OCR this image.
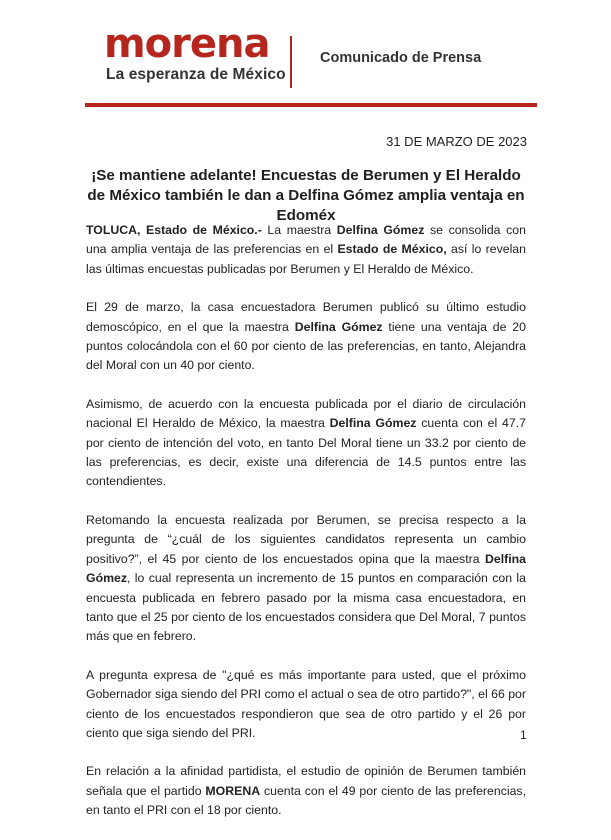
morena
La esperanza de México
Comunicado de Prensa
31 DE MARZO DE 2023
¡Se mantiene adelante! Encuestas de Berumen y El Heraldo de México también le dan a Delfina Gómez amplia ventaja en Edoméx

TOLUCA, Estado de México.- La maestra Delfina Gómez se consolida con una amplia ventaja de las preferencias en el Estado de México, así lo revelan las últimas encuestas publicadas por Berumen y El Heraldo de México.

El 29 de marzo, la casa encuestadora Berumen publicó su último estudio demoscópico, en el que la maestra Delfina Gómez tiene una ventaja de 20 puntos colocándola con el 60 por ciento de las preferencias, en tanto, Alejandra del Moral con un 40 por ciento.

Asimismo, de acuerdo con la encuesta publicada por el diario de circulación nacional El Heraldo de México, la maestra Delfina Gómez cuenta con el 47.7 por ciento de intención del voto, en tanto Del Moral tiene un 33.2 por ciento de las preferencias, es decir, existe una diferencia de 14.5 puntos entre las contendientes.

Retomando la encuesta realizada por Berumen, se precisa respecto a la pregunta de “¿cuál de los siguientes candidatos representa un cambio positivo?”, el 45 por ciento de los encuestados opina que la maestra Delfina Gómez, lo cual representa un incremento de 15 puntos en comparación con la encuesta publicada en febrero pasado por la misma casa encuestadora, en tanto que el 25 por ciento de los encuestados considera que Del Moral, 7 puntos más que en febrero.

A pregunta expresa de "¿qué es más importante para usted, que el próximo Gobernador siga siendo del PRI como el actual o sea de otro partido?", el 66 por ciento de los encuestados respondieron que sea de otro partido y el 26 por ciento que siga siendo del PRI.

En relación a la afinidad partidista, el estudio de opinión de Berumen también señala que el partido MORENA cuenta con el 49 por ciento de las preferencias, en tanto el PRI con el 18 por ciento.

1
